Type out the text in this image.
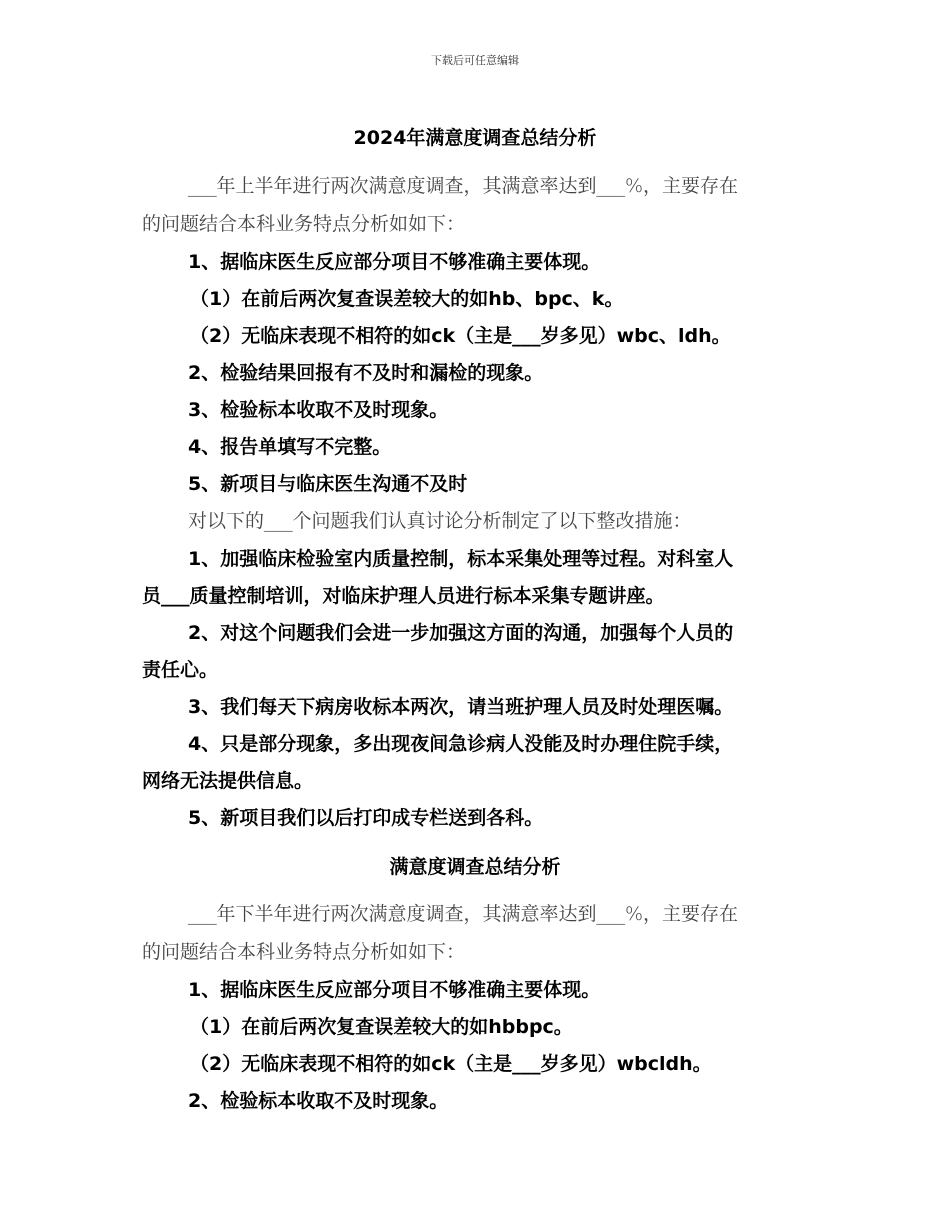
下载后可任意编辑
2024年满意度调查总结分析
___年上半年进行两次满意度调查，其满意率达到___%，主要存在
的问题结合本科业务特点分析如如下：
1、据临床医生反应部分项目不够准确主要体现。
（1）在前后两次复查误差较大的如hb、bpc、k。
（2）无临床表现不相符的如ck（主是___岁多见）wbc、ldh。
2、检验结果回报有不及时和漏检的现象。
3、检验标本收取不及时现象。
4、报告单填写不完整。
5、新项目与临床医生沟通不及时
对以下的___个问题我们认真讨论分析制定了以下整改措施：
1、加强临床检验室内质量控制，标本采集处理等过程。对科室人
员___质量控制培训，对临床护理人员进行标本采集专题讲座。
2、对这个问题我们会进一步加强这方面的沟通，加强每个人员的
责任心。
3、我们每天下病房收标本两次，请当班护理人员及时处理医嘱。
4、只是部分现象，多出现夜间急诊病人没能及时办理住院手续，
网络无法提供信息。
5、新项目我们以后打印成专栏送到各科。
满意度调查总结分析
___年下半年进行两次满意度调查，其满意率达到___%，主要存在
的问题结合本科业务特点分析如如下：
1、据临床医生反应部分项目不够准确主要体现。
（1）在前后两次复查误差较大的如hbbpc。
（2）无临床表现不相符的如ck（主是___岁多见）wbcldh。
2、检验标本收取不及时现象。
